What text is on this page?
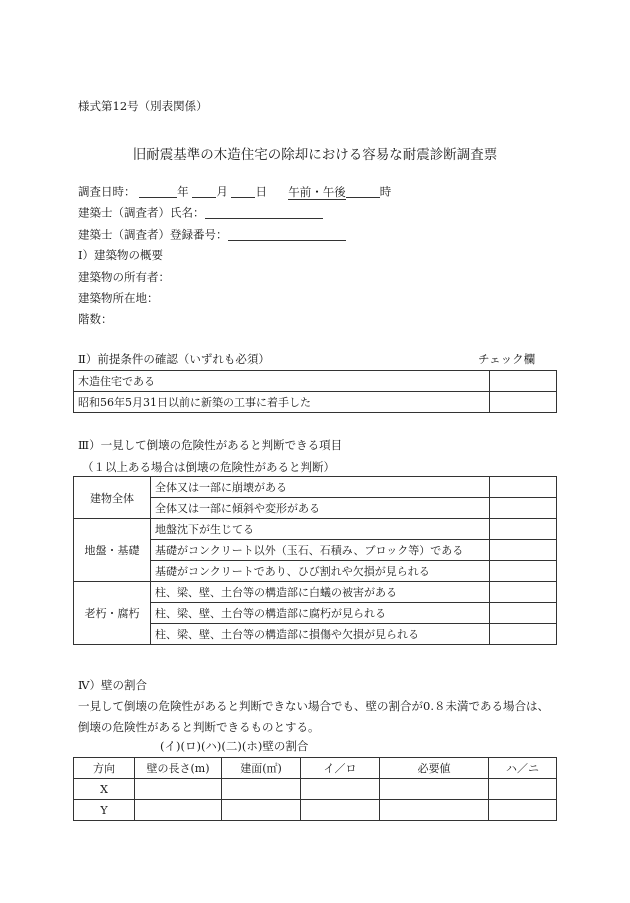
様式第12号（別表関係）
旧耐震基準の木造住宅の除却における容易な耐震診断調査票
調査日時：	年 月 日 午前・午後	時
建築士（調査者）氏名：
建築士（調査者）登録番号：
Ⅰ）建築物の概要
建築物の所有者：
建築物所在地：
階数：
Ⅱ）前提条件の確認（いずれも必須）	チェック欄
木造住宅である	
昭和56年5月31日以前に新築の工事に着手した	
Ⅲ）一見して倒壊の危険性があると判断できる項目
（１以上ある場合は倒壊の危険性があると判断）
建物全体	全体又は一部に崩壊がある	
	全体又は一部に傾斜や変形がある	
地盤・基礎	地盤沈下が生じてる	
	基礎がコンクリート以外（玉石、石積み、ブロック等）である	
	基礎がコンクリートであり、ひび割れや欠損が見られる	
老朽・腐朽	柱、梁、壁、土台等の構造部に白蟻の被害がある	
	柱、梁、壁、土台等の構造部に腐朽が見られる	
	柱、梁、壁、土台等の構造部に損傷や欠損が見られる	
Ⅳ）壁の割合
一見して倒壊の危険性があると判断できない場合でも、壁の割合が0.８未満である場合は、
倒壊の危険性があると判断できるものとする。
(イ)(ロ)(ハ)(二)(ホ)壁の割合
方向	壁の長さ(m)	建面(㎡)	イ／ロ	必要値	ハ／ニ
X					
Y					
